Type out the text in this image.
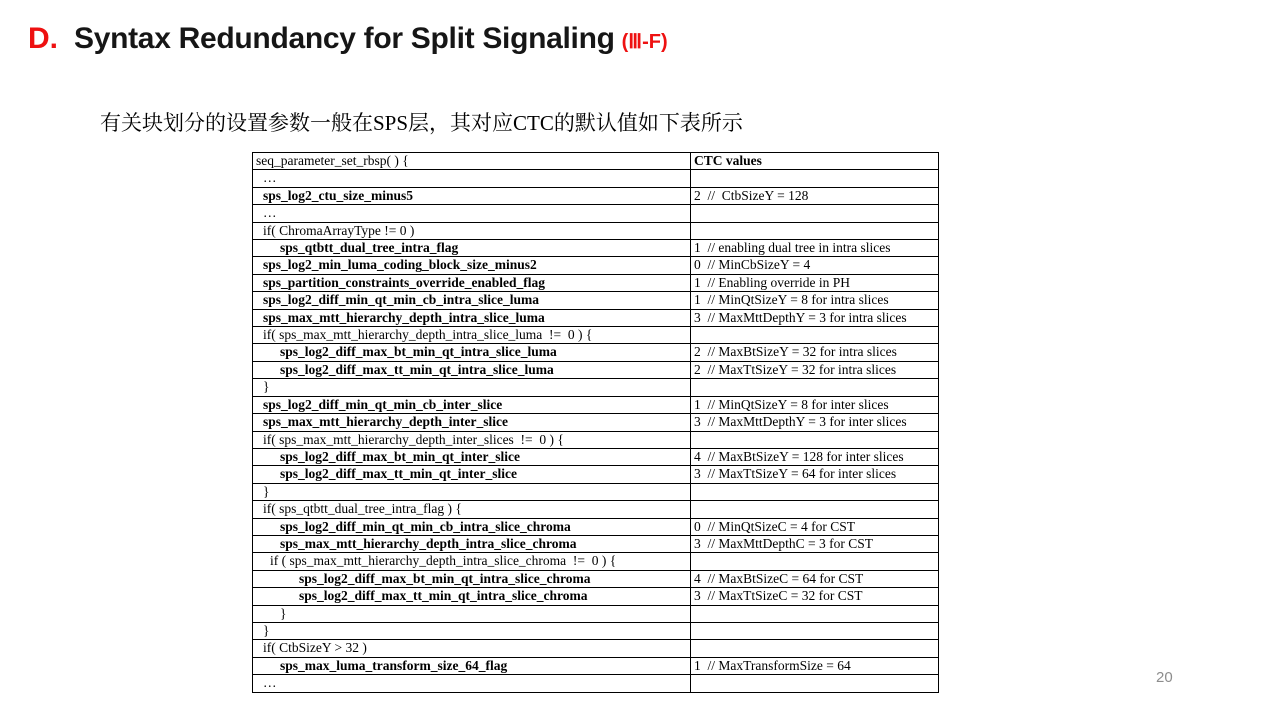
D. Syntax Redundancy for Split Signaling (Ⅲ-F)
有关块划分的设置参数一般在SPS层，其对应CTC的默认值如下表所示
seq_parameter_set_rbsp( ) {	CTC values
…	
sps_log2_ctu_size_minus5	2  //  CtbSizeY = 128
…	
if( ChromaArrayType != 0 )	
sps_qtbtt_dual_tree_intra_flag	1  // enabling dual tree in intra slices
sps_log2_min_luma_coding_block_size_minus2	0  // MinCbSizeY = 4
sps_partition_constraints_override_enabled_flag	1  // Enabling override in PH
sps_log2_diff_min_qt_min_cb_intra_slice_luma	1  // MinQtSizeY = 8 for intra slices
sps_max_mtt_hierarchy_depth_intra_slice_luma	3  // MaxMttDepthY = 3 for intra slices
if( sps_max_mtt_hierarchy_depth_intra_slice_luma  !=  0 ) {	
sps_log2_diff_max_bt_min_qt_intra_slice_luma	2  // MaxBtSizeY = 32 for intra slices
sps_log2_diff_max_tt_min_qt_intra_slice_luma	2  // MaxTtSizeY = 32 for intra slices
}	
sps_log2_diff_min_qt_min_cb_inter_slice	1  // MinQtSizeY = 8 for inter slices
sps_max_mtt_hierarchy_depth_inter_slice	3  // MaxMttDepthY = 3 for inter slices
if( sps_max_mtt_hierarchy_depth_inter_slices  !=  0 ) {	
sps_log2_diff_max_bt_min_qt_inter_slice	4  // MaxBtSizeY = 128 for inter slices
sps_log2_diff_max_tt_min_qt_inter_slice	3  // MaxTtSizeY = 64 for inter slices
}	
if( sps_qtbtt_dual_tree_intra_flag ) {	
sps_log2_diff_min_qt_min_cb_intra_slice_chroma	0  // MinQtSizeC = 4 for CST
sps_max_mtt_hierarchy_depth_intra_slice_chroma	3  // MaxMttDepthC = 3 for CST
if ( sps_max_mtt_hierarchy_depth_intra_slice_chroma  !=  0 ) {	
sps_log2_diff_max_bt_min_qt_intra_slice_chroma	4  // MaxBtSizeC = 64 for CST
sps_log2_diff_max_tt_min_qt_intra_slice_chroma	3  // MaxTtSizeC = 32 for CST
}	
}	
if( CtbSizeY > 32 )	
sps_max_luma_transform_size_64_flag	1  // MaxTransformSize = 64
…		20
